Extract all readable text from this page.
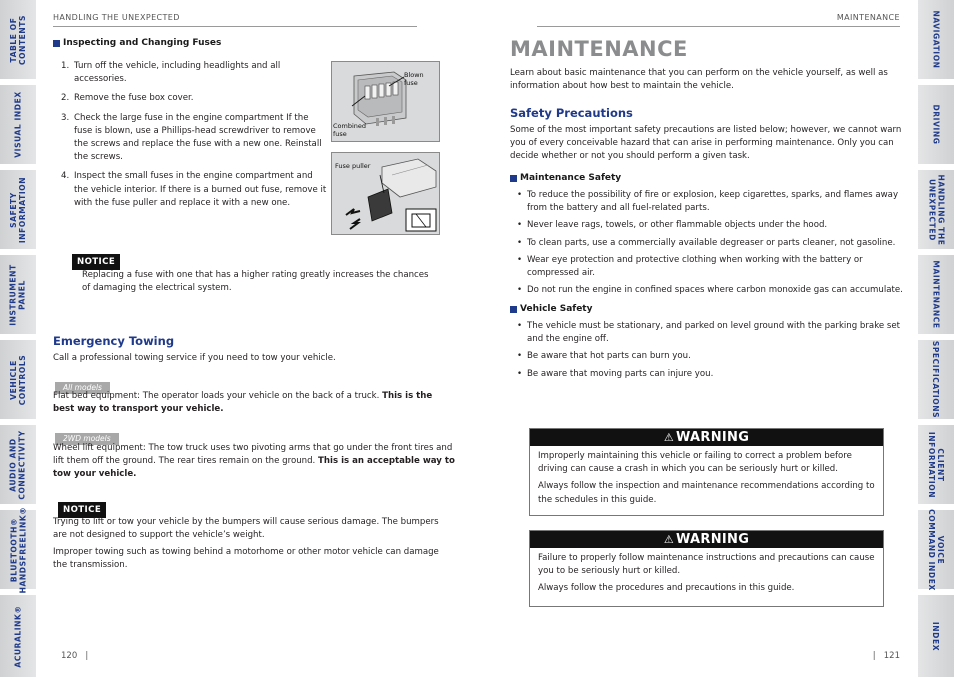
TABLE OF
CONTENTS
VISUAL INDEX
SAFETY
INFORMATION
INSTRUMENT
PANEL
VEHICLE
CONTROLS
AUDIO AND
CONNECTIVITY
BLUETOOTH®
HANDSFREELINK®
ACURALINK®
NAVIGATION
DRIVING
HANDLING THE
UNEXPECTED
MAINTENANCE
SPECIFICATIONS
CLIENT
INFORMATION
VOICE
COMMAND INDEX
INDEX
HANDLING THE UNEXPECTED
Inspecting and Changing Fuses
1. Turn off the vehicle, including headlights and all accessories.
2. Remove the fuse box cover.
3. Check the large fuse in the engine compartment If the fuse is blown, use a Phillips-head screwdriver to remove the screws and replace the fuse with a new one. Reinstall the screws.
4. Inspect the small fuses in the engine compartment and the vehicle interior. If there is a burned out fuse, remove it with the fuse puller and replace it with a new one.
Blown fuse
Combined
fuse
Fuse puller
NOTICE
Replacing a fuse with one that has a higher rating greatly increases the chances of damaging the electrical system.
Emergency Towing
Call a professional towing service if you need to tow your vehicle.
All models
Flat bed equipment: The operator loads your vehicle on the back of a truck. This is the best way to transport your vehicle.
2WD models
Wheel lift equipment: The tow truck uses two pivoting arms that go under the front tires and lift them off the ground. The rear tires remain on the ground. This is an acceptable way to tow your vehicle.
NOTICE
Trying to lift or tow your vehicle by the bumpers will cause serious damage. The bumpers are not designed to support the vehicle’s weight.
Improper towing such as towing behind a motorhome or other motor vehicle can damage the transmission.
120   |
MAINTENANCE
MAINTENANCE
Learn about basic maintenance that you can perform on the vehicle yourself, as well as information about how best to maintain the vehicle.
Safety Precautions
Some of the most important safety precautions are listed below; however, we cannot warn you of every conceivable hazard that can arise in performing maintenance. Only you can decide whether or not you should perform a given task.
Maintenance Safety
• To reduce the possibility of fire or explosion, keep cigarettes, sparks, and flames away from the battery and all fuel-related parts.
• Never leave rags, towels, or other flammable objects under the hood.
• To clean parts, use a commercially available degreaser or parts cleaner, not gasoline.
• Wear eye protection and protective clothing when working with the battery or compressed air.
• Do not run the engine in confined spaces where carbon monoxide gas can accumulate.
Vehicle Safety
• The vehicle must be stationary, and parked on level ground with the parking brake set and the engine off.
• Be aware that hot parts can burn you.
• Be aware that moving parts can injure you.
⚠ WARNING

Improperly maintaining this vehicle or failing to correct a problem before driving can cause a crash in which you can be seriously hurt or killed.

Always follow the inspection and maintenance recommendations according to the schedules in this guide.

⚠ WARNING

Failure to properly follow maintenance instructions and precautions can cause you to be seriously hurt or killed.

Always follow the procedures and precautions in this guide.

|   121
